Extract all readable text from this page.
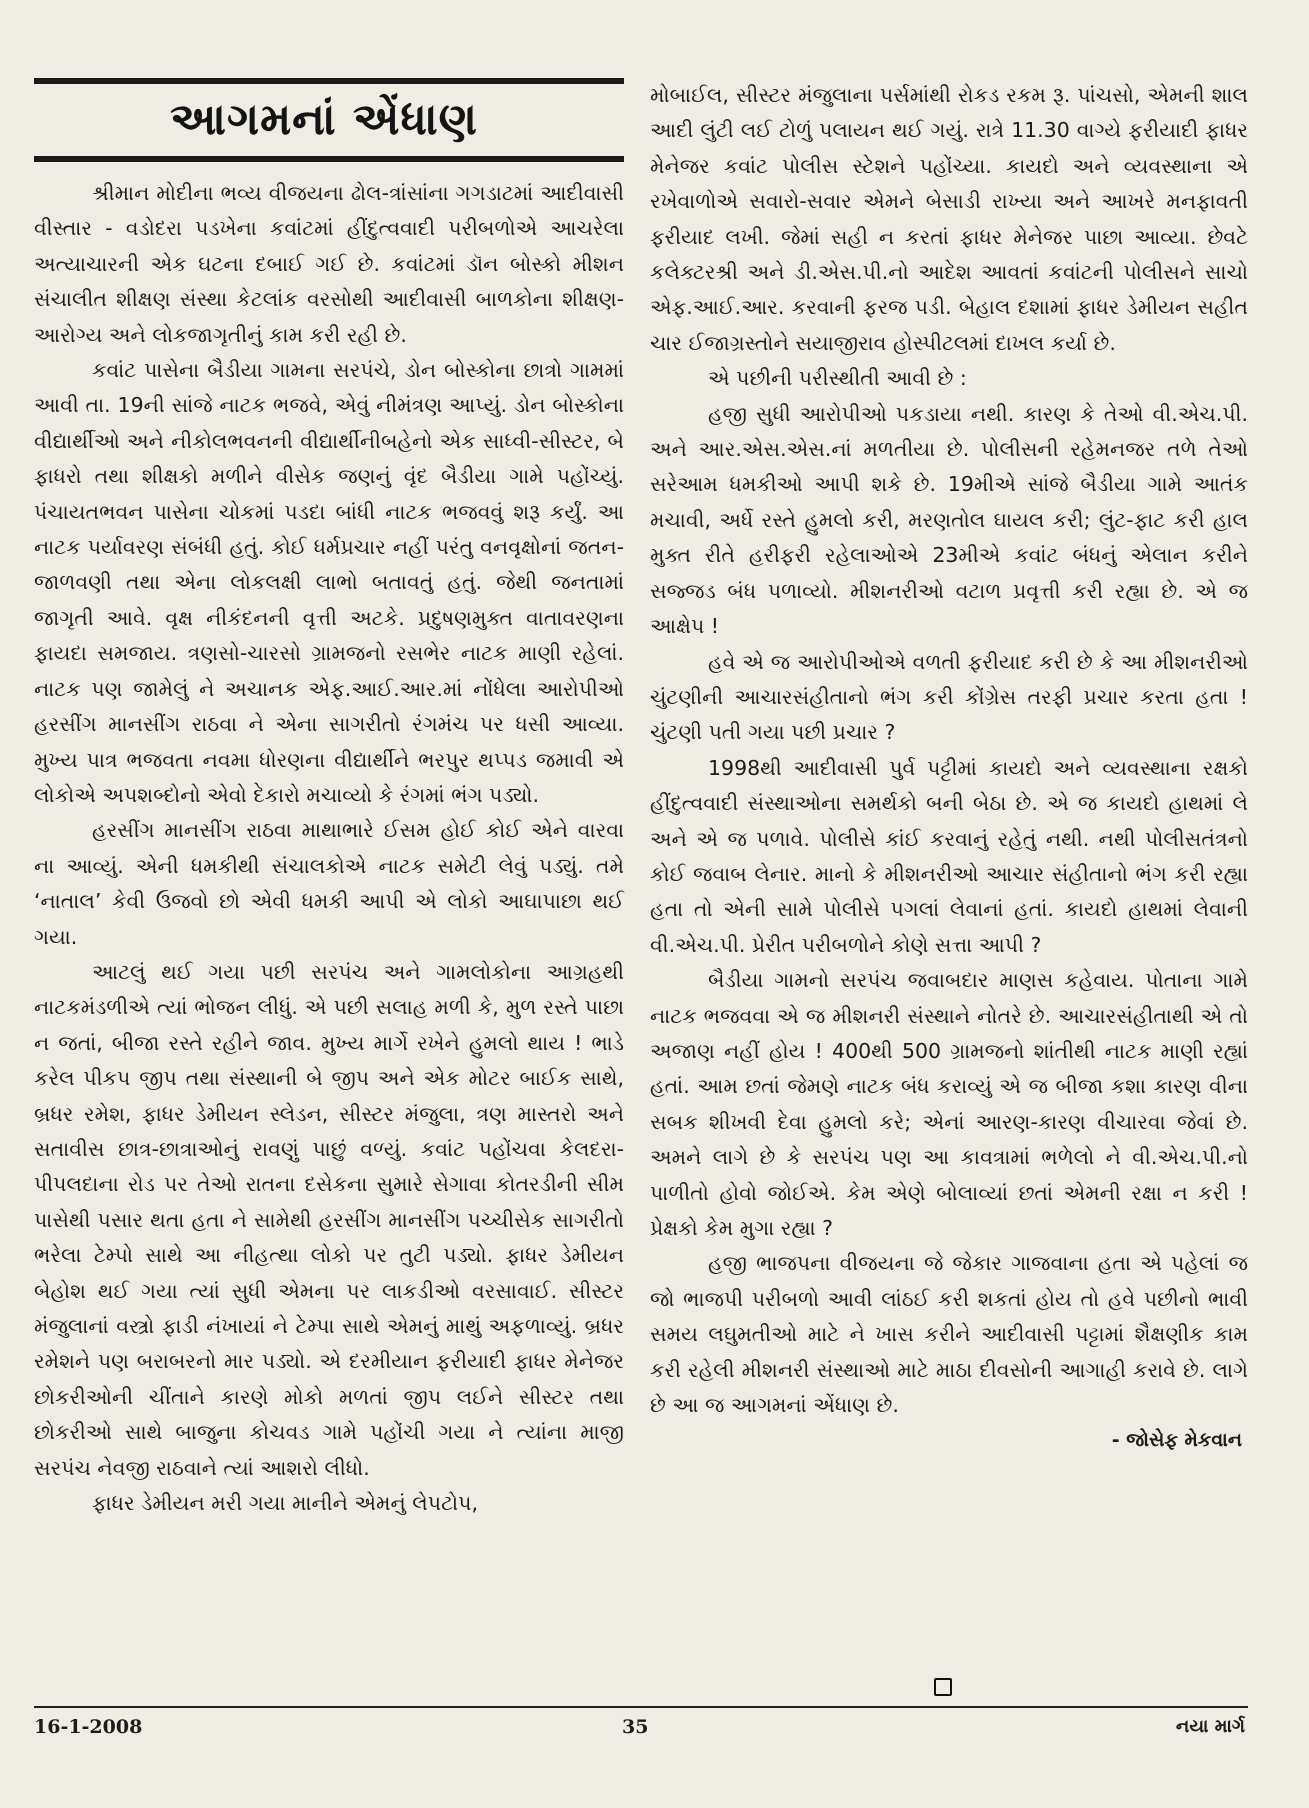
આગમનાં એંધાણ

શ્રીમાન મોદીના ભવ્ય વીજયના ઢોલ-ત્રાંસાંના ગગડાટમાં આદીવાસી વીસ્તાર - વડોદરા પડખેના કવાંટમાં હીંદુત્વવાદી પરીબળોએ આચરેલા અત્યાચારની એક ઘટના દબાઈ ગઈ છે. કવાંટમાં ડૉન બોસ્કો મીશન સંચાલીત શીક્ષણ સંસ્થા કેટલાંક વરસોથી આદીવાસી બાળકોના શીક્ષણ-આરોગ્ય અને લોકજાગૃતીનું કામ કરી રહી છે.

કવાંટ પાસેના બૈડીયા ગામના સરપંચે, ડોન બોસ્કોના છાત્રો ગામમાં આવી તા. 19ની સાંજે નાટક ભજવે, એવું નીમંત્રણ આપ્યું. ડોન બોસ્કોના વીદ્યાર્થીઓ અને નીકોલભવનની વીદ્યાર્થીનીબહેનો એક સાધ્વી-સીસ્ટર, બે ફાધરો તથા શીક્ષકો મળીને વીસેક જણનું વૃંદ બૈડીયા ગામે પહોંચ્યું. પંચાયતભવન પાસેના ચોકમાં પડદા બાંધી નાટક ભજવવું શરૂ કર્યું. આ નાટક પર્યાવરણ સંબંધી હતું. કોઈ ધર્મપ્રચાર નહીં પરંતુ વનવૃક્ષોનાં જતન-જાળવણી તથા એના લોકલક્ષી લાભો બતાવતું હતું. જેથી જનતામાં જાગૃતી આવે. વૃક્ષ નીકંદનની વૃત્તી અટકે. પ્રદુષણમુક્ત વાતાવરણના ફાયદા સમજાય. ત્રણસો-ચારસો ગ્રામજનો રસભેર નાટક માણી રહેલાં. નાટક પણ જામેલું ને અચાનક એફ.આઈ.આર.માં નોંધેલા આરોપીઓ હરસીંગ માનસીંગ રાઠવા ને એના સાગરીતો રંગમંચ પર ધસી આવ્યા. મુખ્ય પાત્ર ભજવતા નવમા ધોરણના વીદ્યાર્થીને ભરપુર થપ્પડ જમાવી એ લોકોએ અપશબ્દોનો એવો દેકારો મચાવ્યો કે રંગમાં ભંગ પડ્યો.

હરસીંગ માનસીંગ રાઠવા માથાભારે ઈસમ હોઈ કોઈ એને વારવા ના આવ્યું. એની ધમકીથી સંચાલકોએ નાટક સમેટી લેવું પડ્યું. તમે ‘નાતાલ’ કેવી ઉજવો છો એવી ધમકી આપી એ લોકો આઘાપાછા થઈ ગયા.

આટલું થઈ ગયા પછી સરપંચ અને ગામલોકોના આગ્રહથી નાટકમંડળીએ ત્યાં ભોજન લીધું. એ પછી સલાહ મળી કે, મુળ રસ્તે પાછા ન જતાં, બીજા રસ્તે રહીને જાવ. મુખ્ય માર્ગે રખેને હુમલો થાય ! ભાડે કરેલ પીકપ જીપ તથા સંસ્થાની બે જીપ અને એક મોટર બાઈક સાથે, બ્રધર રમેશ, ફાધર ડેમીયન સ્લેડન, સીસ્ટર મંજુલા, ત્રણ માસ્તરો અને સતાવીસ છાત્ર-છાત્રાઓનું રાવણું પાછું વળ્યું. કવાંટ પહોંચવા કેલદરા-પીપલદાના રોડ પર તેઓ રાતના દસેકના સુમારે સેગાવા કોતરડીની સીમ પાસેથી પસાર થતા હતા ને સામેથી હરસીંગ માનસીંગ પચ્ચીસેક સાગરીતો ભરેલા ટેમ્પો સાથે આ નીહત્થા લોકો પર તુટી પડ્યો. ફાધર ડેમીયન બેહોશ થઈ ગયા ત્યાં સુધી એમના પર લાકડીઓ વરસાવાઈ. સીસ્ટર મંજુલાનાં વસ્ત્રો ફાડી નંખાયાં ને ટેમ્પા સાથે એમનું માથું અફળાવ્યું. બ્રધર રમેશને પણ બરાબરનો માર પડ્યો. એ દરમીયાન ફરીયાદી ફાધર મેનેજર છોકરીઓની ચીંતાને કારણે મોકો મળતાં જીપ લઈને સીસ્ટર તથા છોકરીઓ સાથે બાજુના કોચવડ ગામે પહોંચી ગયા ને ત્યાંના માજી સરપંચ નેવજી રાઠવાને ત્યાં આશરો લીધો.

ફાધર ડેમીયન મરી ગયા માનીને એમનું લેપટોપ,

મોબાઈલ, સીસ્ટર મંજુલાના પર્સમાંથી રોકડ રકમ રૂ. પાંચસો, એમની શાલ આદી લુંટી લઈ ટોળું પલાયન થઈ ગયું. રાત્રે 11.30 વાગ્યે ફરીયાદી ફાધર મેનેજર કવાંટ પોલીસ સ્ટેશને પહોંચ્યા. કાયદો અને વ્યવસ્થાના એ રખેવાળોએ સવારો-સવાર એમને બેસાડી રાખ્યા અને આખરે મનફાવતી ફરીયાદ લખી. જેમાં સહી ન કરતાં ફાધર મેનેજર પાછા આવ્યા. છેવટે કલેક્ટરશ્રી અને ડી.એસ.પી.નો આદેશ આવતાં કવાંટની પોલીસને સાચો એફ.આઈ.આર. કરવાની ફરજ પડી. બેહાલ દશામાં ફાધર ડેમીયન સહીત ચાર ઈજાગ્રસ્તોને સયાજીરાવ હોસ્પીટલમાં દાખલ કર્યા છે.

એ પછીની પરીસ્થીતી આવી છે :

હજી સુધી આરોપીઓ પકડાયા નથી. કારણ કે તેઓ વી.એચ.પી. અને આર.એસ.એસ.નાં મળતીયા છે. પોલીસની રહેમનજર તળે તેઓ સરેઆમ ધમકીઓ આપી શકે છે. 19મીએ સાંજે બૈડીયા ગામે આતંક મચાવી, અર્ધે રસ્તે હુમલો કરી, મરણતોલ ઘાયલ કરી; લુંટ-ફાટ કરી હાલ મુક્ત રીતે હરીફરી રહેલાઓએ 23મીએ કવાંટ બંધનું એલાન કરીને સજ્જડ બંધ પળાવ્યો. મીશનરીઓ વટાળ પ્રવૃત્તી કરી રહ્યા છે. એ જ આક્ષેપ !

હવે એ જ આરોપીઓએ વળતી ફરીયાદ કરી છે કે આ મીશનરીઓ ચુંટણીની આચારસંહીતાનો ભંગ કરી કોંગ્રેસ તરફી પ્રચાર કરતા હતા ! ચુંટણી પતી ગયા પછી પ્રચાર ?

1998થી આદીવાસી પુર્વ પટ્ટીમાં કાયદો અને વ્યવસ્થાના રક્ષકો હીંદુત્વવાદી સંસ્થાઓના સમર્થકો બની બેઠા છે. એ જ કાયદો હાથમાં લે અને એ જ પળાવે. પોલીસે કાંઈ કરવાનું રહેતું નથી. નથી પોલીસતંત્રનો કોઈ જવાબ લેનાર. માનો કે મીશનરીઓ આચાર સંહીતાનો ભંગ કરી રહ્યા હતા તો એની સામે પોલીસે પગલાં લેવાનાં હતાં. કાયદો હાથમાં લેવાની વી.એચ.પી. પ્રેરીત પરીબળોને કોણે સત્તા આપી ?

બૈડીયા ગામનો સરપંચ જવાબદાર માણસ કહેવાય. પોતાના ગામે નાટક ભજવવા એ જ મીશનરી સંસ્થાને નોતરે છે. આચારસંહીતાથી એ તો અજાણ નહીં હોય ! 400થી 500 ગ્રામજનો શાંતીથી નાટક માણી રહ્યાં હતાં. આમ છતાં જેમણે નાટક બંધ કરાવ્યું એ જ બીજા કશા કારણ વીના સબક શીખવી દેવા હુમલો કરે; એનાં આરણ-કારણ વીચારવા જેવાં છે. અમને લાગે છે કે સરપંચ પણ આ કાવત્રામાં ભળેલો ને વી.એચ.પી.નો પાળીતો હોવો જોઈએ. કેમ એણે બોલાવ્યાં છતાં એમની રક્ષા ન કરી ! પ્રેક્ષકો કેમ મુગા રહ્યા ?

હજી ભાજપના વીજયના જે જેકાર ગાજવાના હતા એ પહેલાં જ જો ભાજપી પરીબળો આવી લાંઠઈ કરી શકતાં હોય તો હવે પછીનો ભાવી સમય લઘુમતીઓ માટે ને ખાસ કરીને આદીવાસી પટ્ટામાં શૈક્ષણીક કામ કરી રહેલી મીશનરી સંસ્થાઓ માટે માઠા દીવસોની આગાહી કરાવે છે. લાગે છે આ જ આગમનાં એંધાણ છે.

- જોસેફ મેકવાન
16-1-2008	35	નયા માર્ગ
